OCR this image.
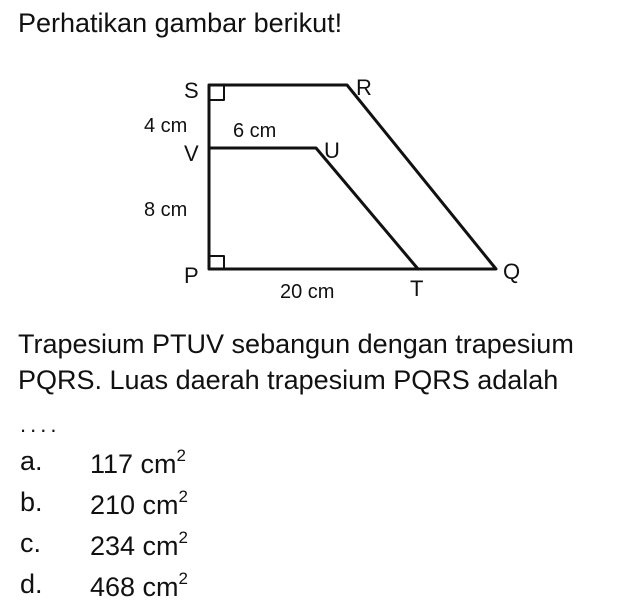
Perhatikan gambar berikut!
S	R
V	U
P
T
Q
4 cm 6 cm
8 cm
20 cm

Trapesium PTUV sebangun dengan trapesium

PQRS. Luas daerah trapesium PQRS adalah

....
a.	117 $cm^2$
b.	210 $cm^2$
c.	234 $cm^2$
d.	468 $cm^2$
